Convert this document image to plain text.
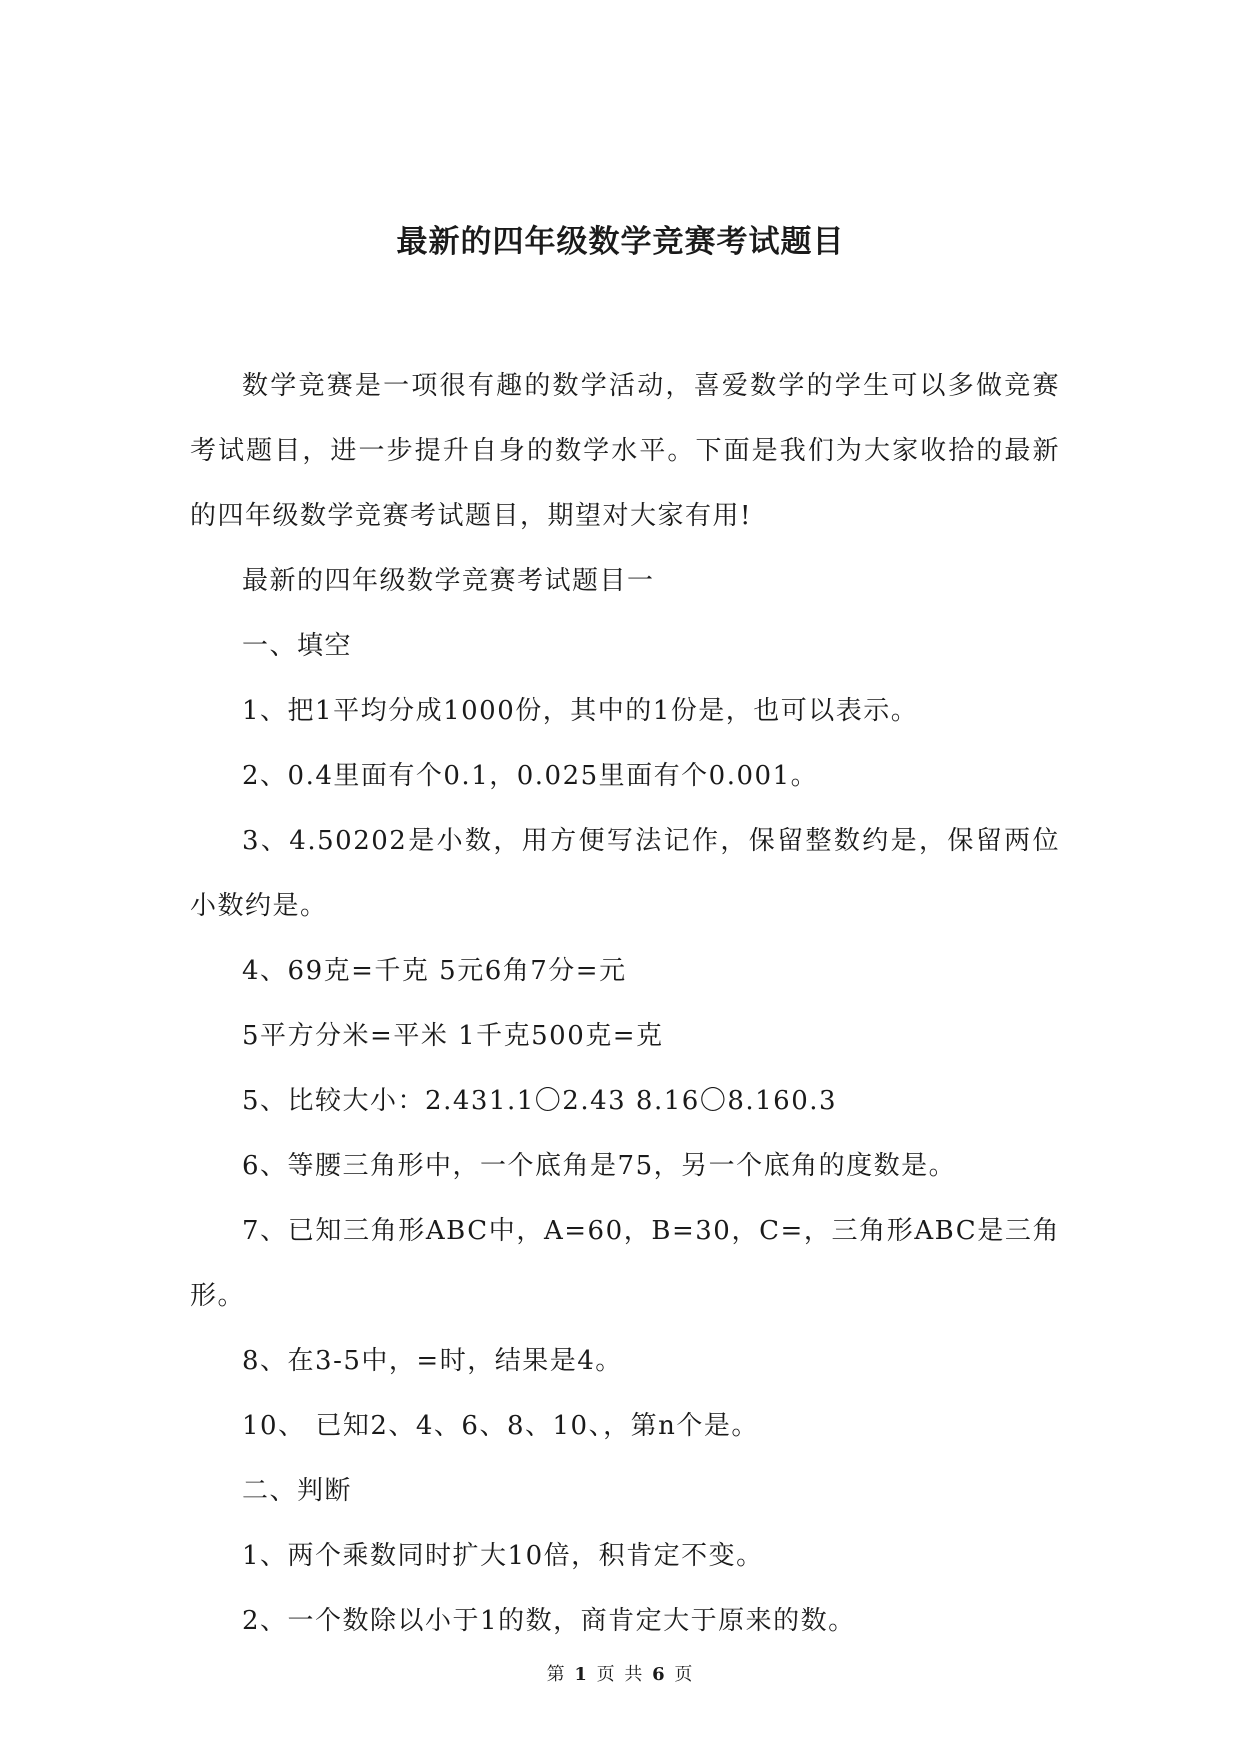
最新的四年级数学竞赛考试题目

数学竞赛是一项很有趣的数学活动，喜爱数学的学生可以多做竞赛考试题目，进一步提升自身的数学水平。下面是我们为大家收拾的最新的四年级数学竞赛考试题目，期望对大家有用!

最新的四年级数学竞赛考试题目一

一、填空

1、把1平均分成1000份，其中的1份是，也可以表示。

2、0.4里面有个0.1，0.025里面有个0.001。

3、4.50202是小数，用方便写法记作，保留整数约是，保留两位小数约是。

4、69克=千克 5元6角7分=元

5平方分米=平米 1千克500克=克

5、比较大小：2.431.1〇2.43 8.16〇8.160.3

6、等腰三角形中，一个底角是75，另一个底角的度数是。

7、已知三角形ABC中，A=60，B=30，C=，三角形ABC是三角形。

8、在3-5中，=时，结果是4。

10、 已知2、4、6、8、10、，第n个是。

二、判断

1、两个乘数同时扩大10倍，积肯定不变。

2、一个数除以小于1的数，商肯定大于原来的数。

第 1 页 共 6 页
